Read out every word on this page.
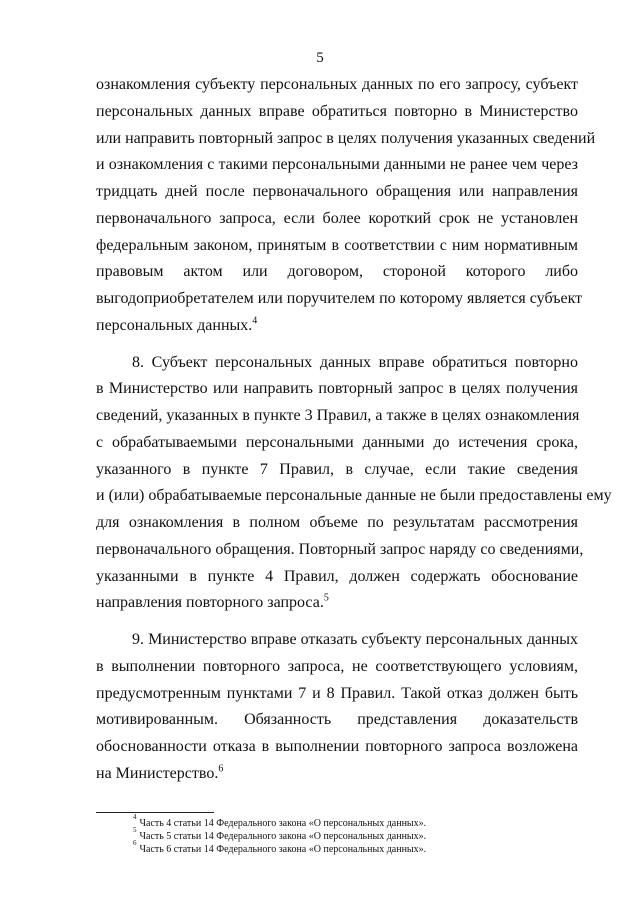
5

ознакомления субъекту персональных данных по его запросу, субъект
персональных данных вправе обратиться повторно в Министерство
или направить повторный запрос в целях получения указанных сведений
и ознакомления с такими персональными данными не ранее чем через
тридцать дней после первоначального обращения или направления
первоначального запроса, если более короткий срок не установлен
федеральным законом, принятым в соответствии с ним нормативным
правовым актом или договором, стороной которого либо
выгодоприобретателем или поручителем по которому является субъект
персональных данных.$^4$

8. Субъект персональных данных вправе обратиться повторно
в Министерство или направить повторный запрос в целях получения
сведений, указанных в пункте 3 Правил, а также в целях ознакомления
с обрабатываемыми персональными данными до истечения срока,
указанного в пункте 7 Правил, в случае, если такие сведения
и (или) обрабатываемые персональные данные не были предоставлены ему
для ознакомления в полном объеме по результатам рассмотрения
первоначального обращения. Повторный запрос наряду со сведениями,
указанными в пункте 4 Правил, должен содержать обоснование
направления повторного запроса.$^5$

9. Министерство вправе отказать субъекту персональных данных
в выполнении повторного запроса, не соответствующего условиям,
предусмотренным пунктами 7 и 8 Правил. Такой отказ должен быть
мотивированным. Обязанность представления доказательств
обоснованности отказа в выполнении повторного запроса возложена
на Министерство.$^6$

$^4$Часть 4 статьи 14 Федерального закона «О персональных данных».
$^5$Часть 5 статьи 14 Федерального закона «О персональных данных».
$^6$Часть 6 статьи 14 Федерального закона «О персональных данных».
